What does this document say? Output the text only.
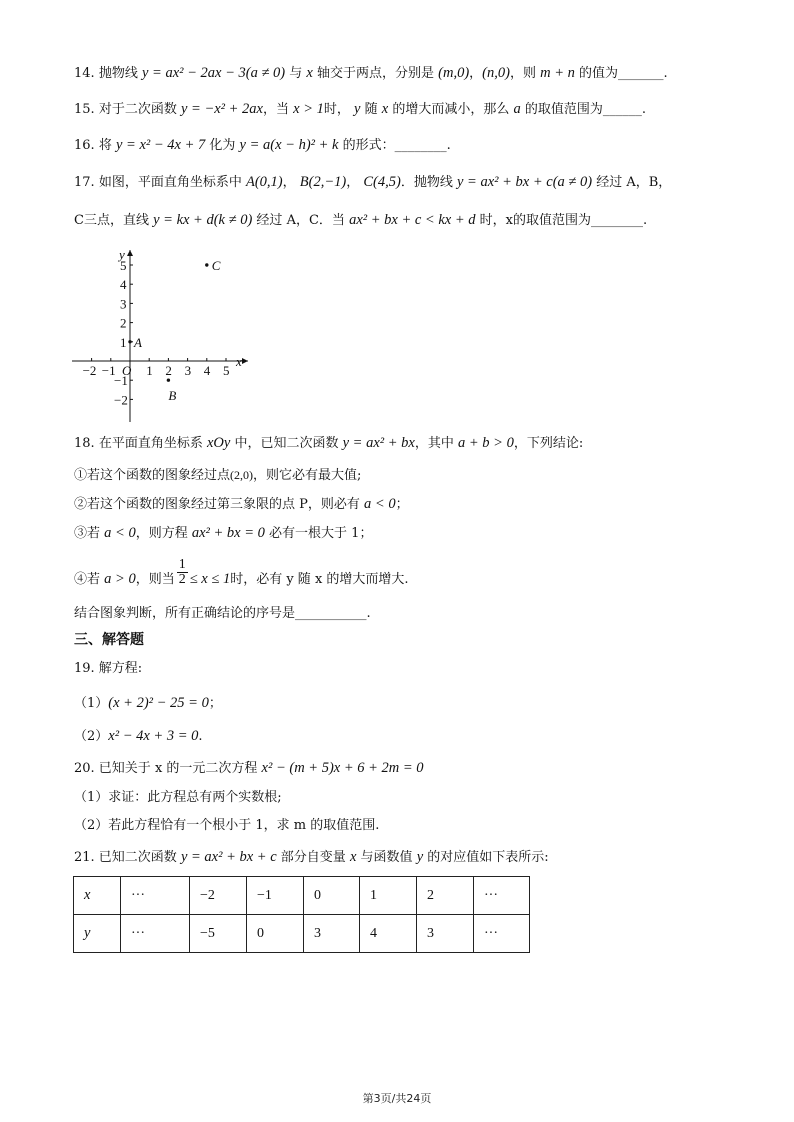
14. 抛物线 y = ax² − 2ax − 3(a ≠ 0) 与 x 轴交于两点，分别是 (m,0)，(n,0)，则 m + n 的值为_______.
15. 对于二次函数 y = −x² + 2ax，当 x > 1时， y 随 x 的增大而减小，那么 a 的取值范围为______.
16. 将 y = x² − 4x + 7 化为 y = a(x − h)² + k 的形式：________.
17. 如图，平面直角坐标系中 A(0,1)， B(2,−1)， C(4,5)．抛物线 y = ax² + bx + c(a ≠ 0) 经过 A，B，
C三点，直线 y = kx + d(k ≠ 0) 经过 A，C．当 ax² + bx + c < kx + d 时，x的取值范围为________.
y
x
O
−2 −1 1 2 3 4 5
5
4
3
2
1
−1
−2
A
B
C
18. 在平面直角坐标系 xOy 中，已知二次函数 y = ax² + bx，其中 a + b > 0，下列结论:
①若这个函数的图象经过点(2,0)，则它必有最大值;
②若这个函数的图象经过第三象限的点 P，则必有 a < 0；
③若 a < 0，则方程 ax² + bx = 0 必有一根大于 1；
④若 a > 0，则当 $\frac{1}{2} \le x \le 1$时，必有 y 随 x 的增大而增大.
结合图象判断，所有正确结论的序号是___________.
三、解答题
19. 解方程:
（1）(x + 2)² − 25 = 0；
（2）x² − 4x + 3 = 0.
20. 已知关于 x 的一元二次方程 x² − (m + 5)x + 6 + 2m = 0
（1）求证：此方程总有两个实数根;
（2）若此方程恰有一个根小于 1，求 m 的取值范围.
21. 已知二次函数 y = ax² + bx + c 部分自变量 x 与函数值 y 的对应值如下表所示:
x	···	−2	−1	0	1	2	···
y	···	−5	0	3	4	3	···
第3页/共24页
